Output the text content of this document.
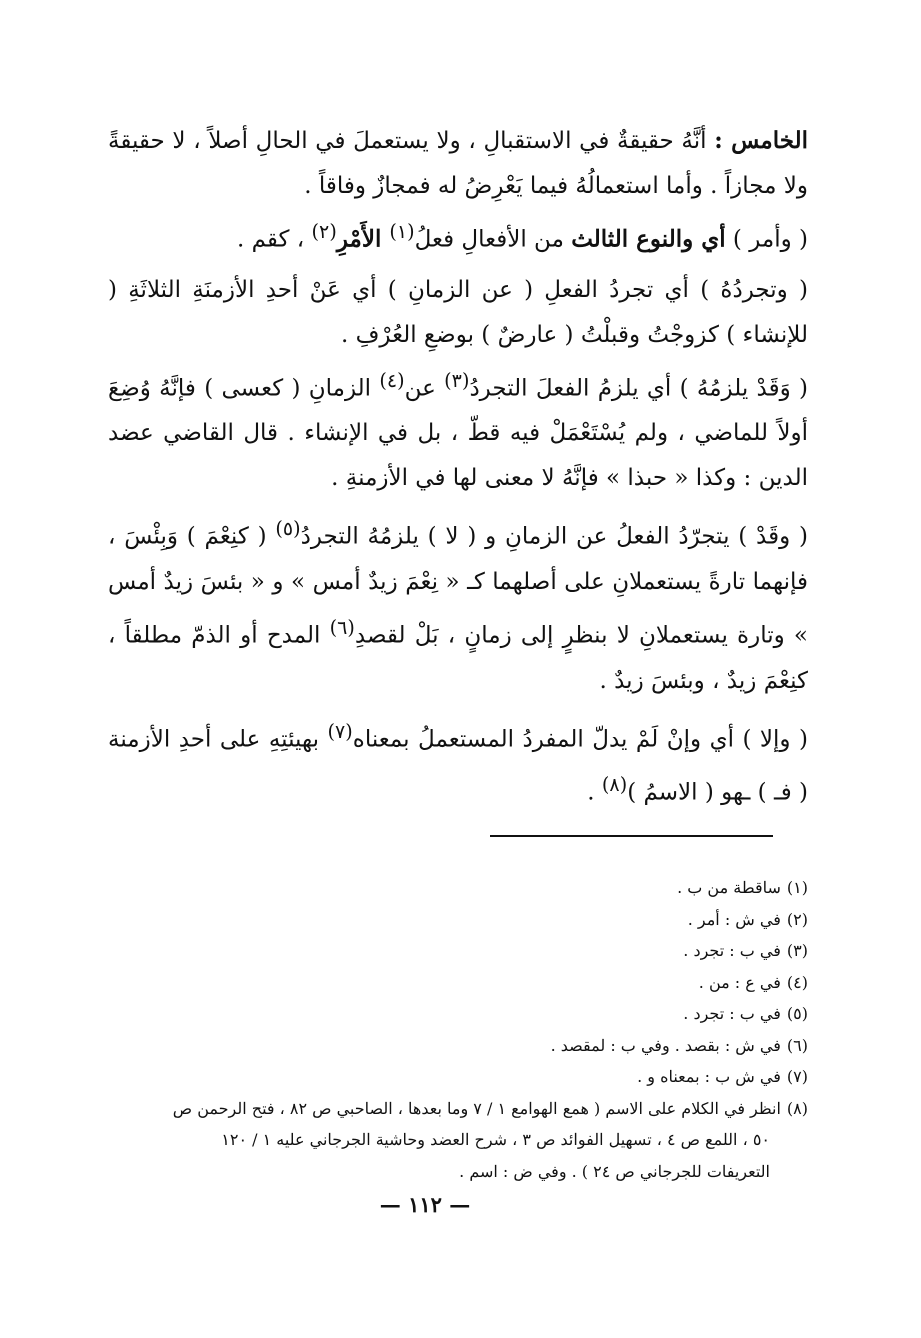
الخامس : أنَّهُ حقيقةٌ في الاستقبالِ ، ولا يستعملَ في الحالِ أصلاً ، لا حقيقةً ولا مجازاً . وأما استعمالُهُ فيما يَعْرِضُ له فمجازٌ وفاقاً .

( وأمر ) أي والنوع الثالث من الأفعالِ فعلُ$^{(١)}$ الأَمْرِ$^{(٢)}$ ، كقم .

( وتجردُهُ ) أي تجردُ الفعلِ ( عن الزمانِ ) أي عَنْ أحدِ الأزمنَةِ الثلاثَةِ ( للإنشاء ) كزوجْتُ وقبلْتُ ( عارضٌ ) بوضعِ العُرْفِ .

( وَقَدْ يلزمُهُ ) أي يلزمُ الفعلَ التجردُ$^{(٣)}$ عن$^{(٤)}$ الزمانِ ( كعسى ) فإنَّهُ وُضِعَ أولاً للماضي ، ولم يُسْتَعْمَلْ فيه قطّ ، بل في الإنشاء . قال القاضي عضد الدين : وكذا « حبذا » فإنَّهُ لا معنى لها في الأزمنةِ .

( وقَدْ ) يتجرّدُ الفعلُ عن الزمانِ و ( لا ) يلزمُهُ التجردُ$^{(٥)}$ ( كنِعْمَ ) وَبِئْسَ ، فإنهما تارةً يستعملانِ على أصلهما كـ « نِعْمَ زيدٌ أمس » و « بئسَ زيدٌ أمس » وتارة يستعملانِ لا بنظرٍ إلى زمانٍ ، بَلْ لقصدِ$^{(٦)}$ المدح أو الذمّ مطلقاً ، كنِعْمَ زيدٌ ، وبئسَ زيدٌ .

( وإلا ) أي وإنْ لَمْ يدلّ المفردُ المستعملُ بمعناه$^{(٧)}$ بهيئتِهِ على أحدِ الأزمنة ( فـ ) ـهو ( الاسمُ )$^{(٨)}$ .

(١)ساقطة من ب .
(٢)في ش : أمر .
(٣)في ب : تجرد .
(٤)في ع : من .
(٥)في ب : تجرد .
(٦)في ش : بقصد . وفي ب : لمقصد .
(٧)في ش ب : بمعناه و .
(٨)انظر في الكلام على الاسم ( همع الهوامع ١ / ٧ وما بعدها ، الصاحبي ص ٨٢ ، فتح الرحمن ص
٥٠ ، اللمع ص ٤ ، تسهيل الفوائد ص ٣ ، شرح العضد وحاشية الجرجاني عليه ١ / ١٢٠
التعريفات للجرجاني ص ٢٤ ) . وفي ض : اسم .
— ١١٢ —
